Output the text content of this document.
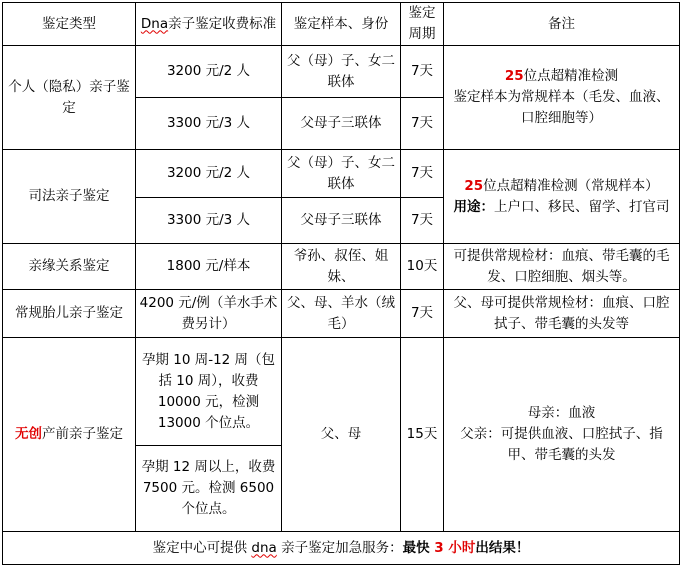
鉴定类型	Dna亲子鉴定收费标准	鉴定样本、身份	鉴定周期	备注
个人（隐私）亲子鉴定	3200 元/2 人	父（母）子、女二联体	7天	25位点超精准检测
鉴定样本为常规样本（毛发、血液、口腔细胞等）

	3300 元/3 人	父母子三联体	7天	
司法亲子鉴定	3200 元/2 人	父（母）子、女二联体	7天	25位点超精准检测（常规样本）
用途：上户口、移民、留学、打官司

	3300 元/3 人	父母子三联体	7天	
亲缘关系鉴定	1800 元/样本	爷孙、叔侄、姐妹、	10天	可提供常规检材：血痕、带毛囊的毛发、口腔细胞、烟头等。
常规胎儿亲子鉴定	4200 元/例（羊水手术费另计）	父、母、羊水（绒毛）	7天	父、母可提供常规检材：血痕、口腔拭子、带毛囊的头发等
无创产前亲子鉴定	孕期 10 周-12 周（包括 10 周），收费 10000 元，检测 13000 个位点。	父、母	15天	母亲：血液
父亲：可提供血液、口腔拭子、指甲、带毛囊的头发

	孕期 12 周以上，收费 7500 元。检测 6500 个位点。			
鉴定中心可提供 dna 亲子鉴定加急服务：最快 3 小时出结果！				
